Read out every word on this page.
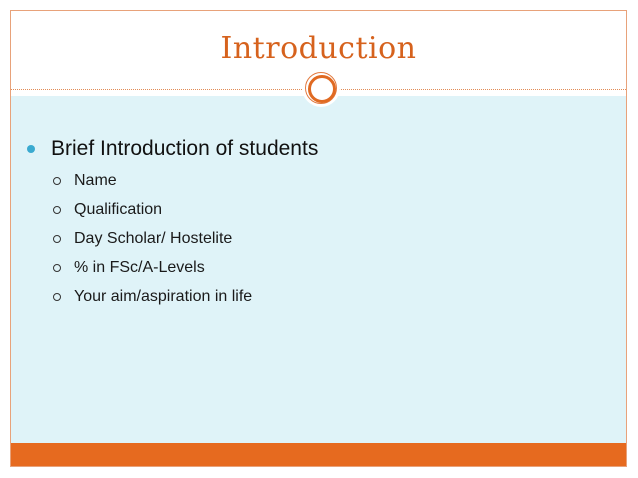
Introduction
Brief Introduction of students
Name
Qualification
Day Scholar/ Hostelite
% in FSc/A-Levels
Your aim/aspiration in life
